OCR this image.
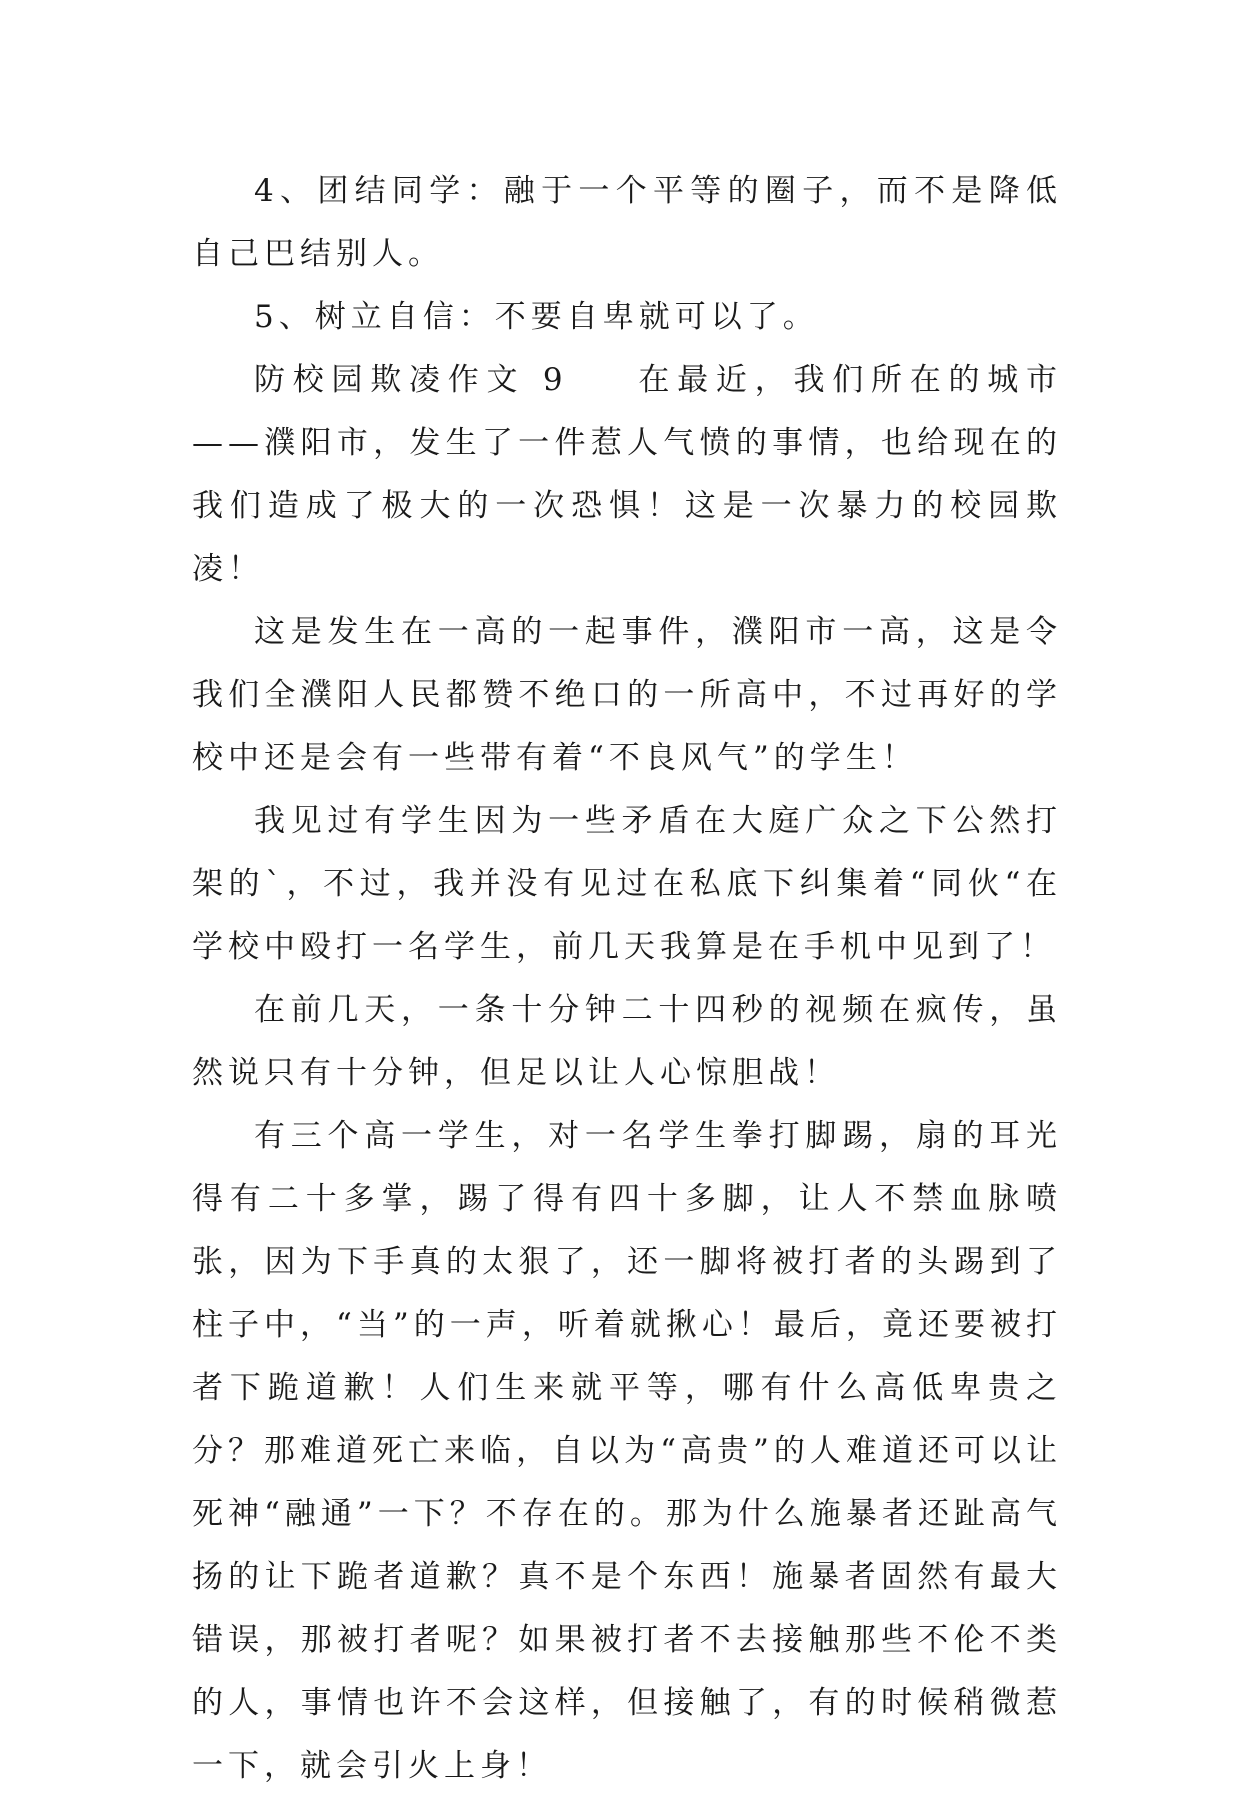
4、团结同学：融于一个平等的圈子，而不是降低自己巴结别人。

5、树立自信：不要自卑就可以了。

防校园欺凌作文 9 在最近，我们所在的城市——濮阳市，发生了一件惹人气愤的事情，也给现在的我们造成了极大的一次恐惧！这是一次暴力的校园欺凌！

这是发生在一高的一起事件，濮阳市一高，这是令我们全濮阳人民都赞不绝口的一所高中，不过再好的学校中还是会有一些带有着“不良风气”的学生！

我见过有学生因为一些矛盾在大庭广众之下公然打架的`，不过，我并没有见过在私底下纠集着“同伙“在学校中殴打一名学生，前几天我算是在手机中见到了！

在前几天，一条十分钟二十四秒的视频在疯传，虽然说只有十分钟，但足以让人心惊胆战！

有三个高一学生，对一名学生拳打脚踢，扇的耳光得有二十多掌，踢了得有四十多脚，让人不禁血脉喷张，因为下手真的太狠了，还一脚将被打者的头踢到了柱子中，“当”的一声，听着就揪心！最后，竟还要被打者下跪道歉！人们生来就平等，哪有什么高低卑贵之分？那难道死亡来临，自以为“高贵”的人难道还可以让死神“融通”一下？不存在的。那为什么施暴者还趾高气扬的让下跪者道歉？真不是个东西！施暴者固然有最大错误，那被打者呢？如果被打者不去接触那些不伦不类的人，事情也许不会这样，但接触了，有的时候稍微惹一下，就会引火上身！
